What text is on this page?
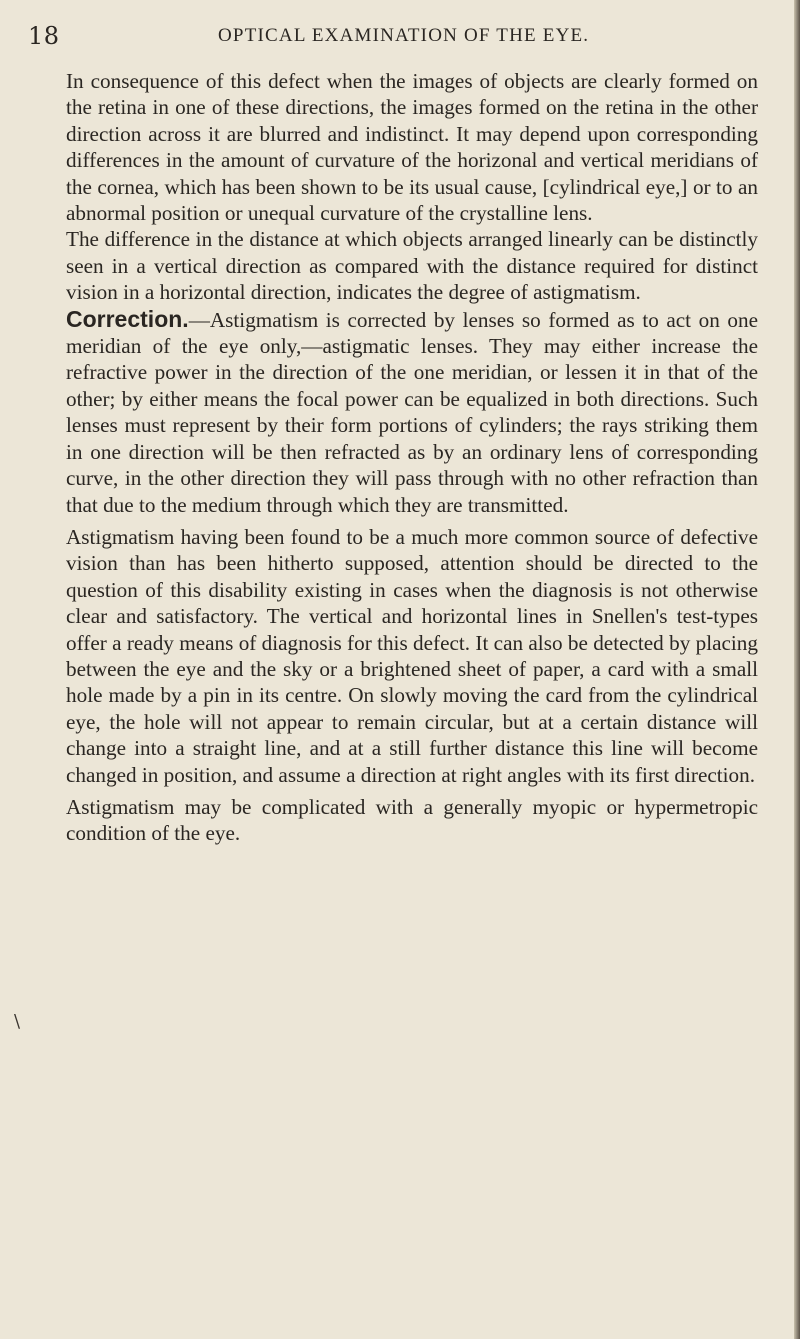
18	OPTICAL EXAMINATION OF THE EYE.
\

In consequence of this defect when the images of objects are clearly formed on the retina in one of these directions, the images formed on the retina in the other direction across it are blurred and indistinct. It may depend upon corresponding differences in the amount of curvature of the horizonal and vertical meridians of the cornea, which has been shown to be its usual cause, [cylindrical eye,] or to an abnormal position or unequal curvature of the crystalline lens.

The difference in the distance at which objects arranged linearly can be distinctly seen in a vertical direction as compared with the distance required for distinct vision in a horizontal direction, indicates the degree of astigmatism.

Correction.—Astigmatism is corrected by lenses so formed as to act on one meridian of the eye only,—astigmatic lenses. They may either increase the refractive power in the direction of the one meridian, or lessen it in that of the other; by either means the focal power can be equalized in both directions. Such lenses must represent by their form portions of cylinders; the rays striking them in one direction will be then refracted as by an ordinary lens of corresponding curve, in the other direction they will pass through with no other refraction than that due to the medium through which they are transmitted.

Astigmatism having been found to be a much more common source of defective vision than has been hitherto supposed, attention should be directed to the question of this disability existing in cases when the diagnosis is not otherwise clear and satisfactory. The vertical and horizontal lines in Snellen's test-types offer a ready means of diagnosis for this defect. It can also be detected by placing between the eye and the sky or a brightened sheet of paper, a card with a small hole made by a pin in its centre. On slowly moving the card from the cylindrical eye, the hole will not appear to remain circular, but at a certain distance will change into a straight line, and at a still further distance this line will become changed in position, and assume a direction at right angles with its first direction.

Astigmatism may be complicated with a generally myopic or hypermetropic condition of the eye.
